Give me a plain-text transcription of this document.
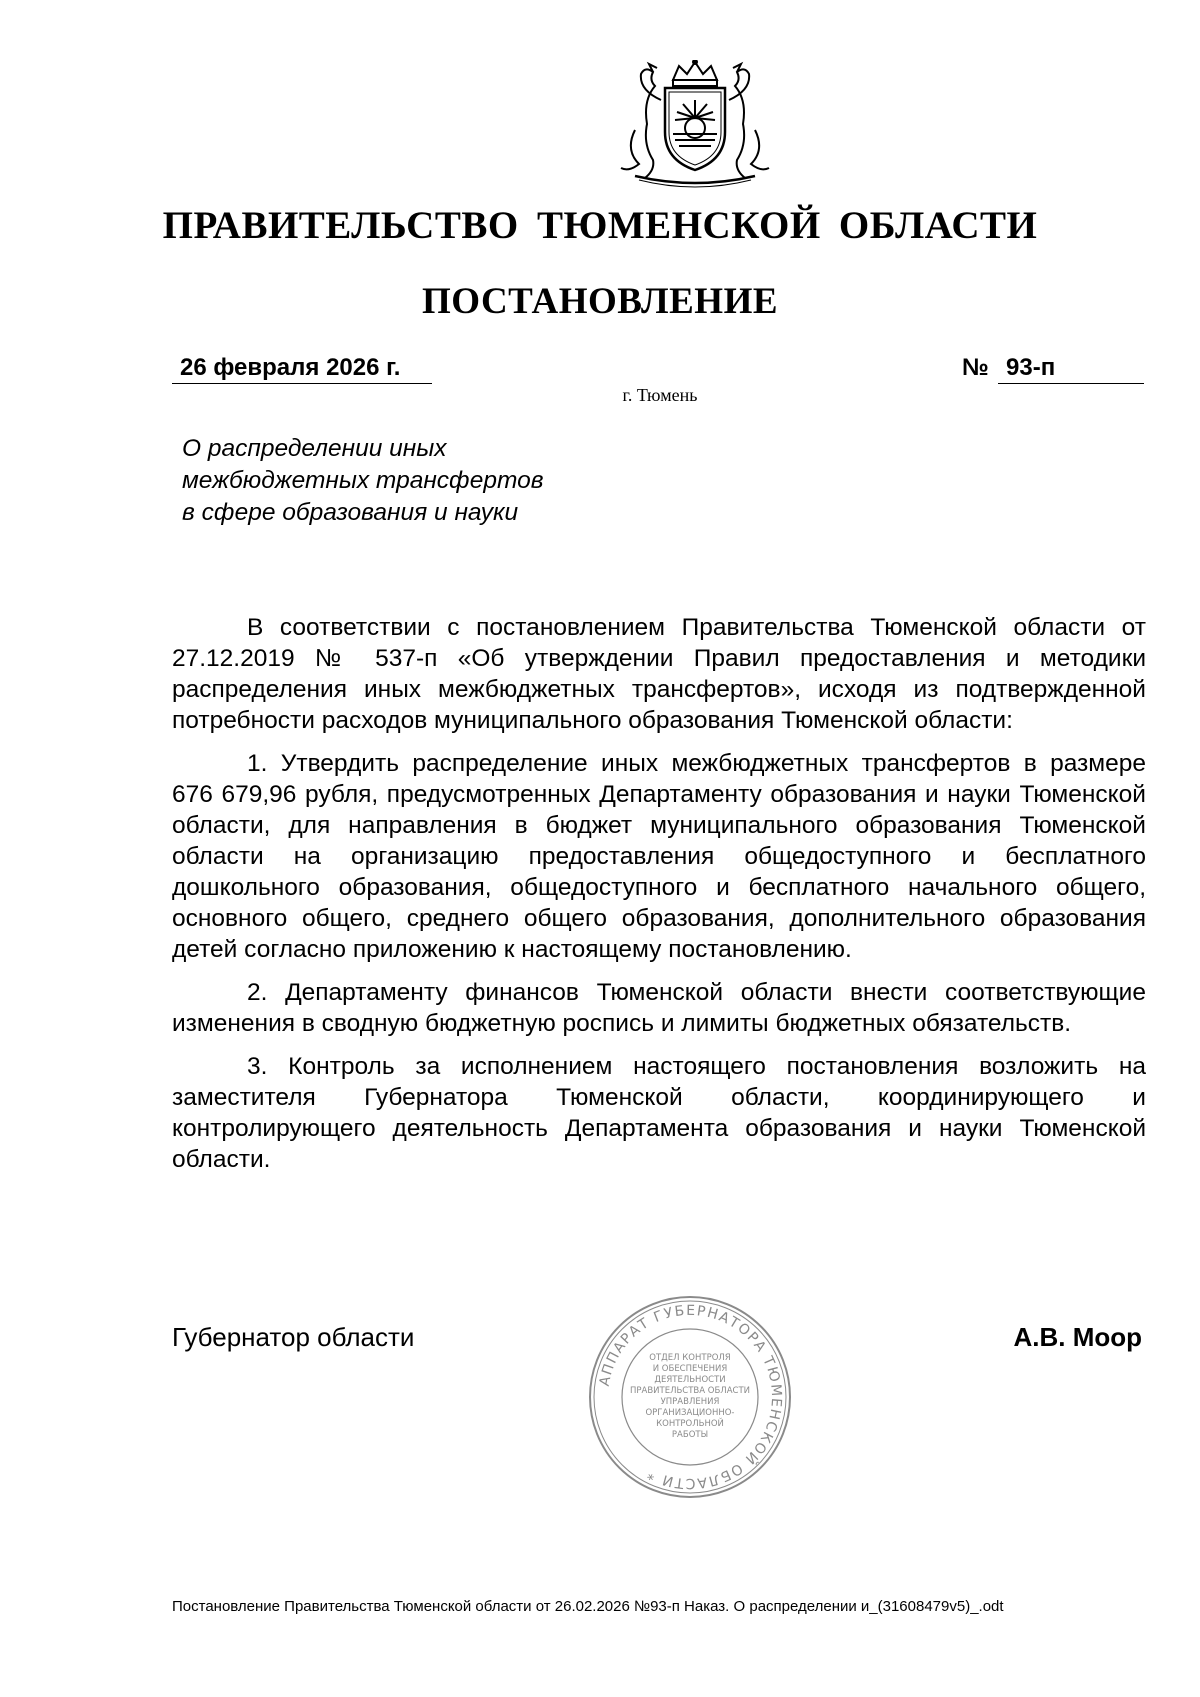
ПРАВИТЕЛЬСТВО ТЮМЕНСКОЙ ОБЛАСТИ
ПОСТАНОВЛЕНИЕ
26 февраля 2026 г.	№ 93-п
г. Тюмень
О распределении иных
межбюджетных трансфертов
в сфере образования и науки

В соответствии с постановлением Правительства Тюменской области от 27.12.2019 № 537-п «Об утверждении Правил предоставления и методики распределения иных межбюджетных трансфертов», исходя из подтвержденной потребности расходов муниципального образования Тюменской области:

1. Утвердить распределение иных межбюджетных трансфертов в размере 676 679,96 рубля, предусмотренных Департаменту образования и науки Тюменской области, для направления в бюджет муниципального образования Тюменской области на организацию предоставления общедоступного и бесплатного дошкольного образования, общедоступного и бесплатного начального общего, основного общего, среднего общего образования, дополнительного образования детей согласно приложению к настоящему постановлению.

2. Департаменту финансов Тюменской области внести соответствующие изменения в сводную бюджетную роспись и лимиты бюджетных обязательств.

3. Контроль за исполнением настоящего постановления возложить на заместителя Губернатора Тюменской области, координирующего и контролирующего деятельность Департамента образования и науки Тюменской области.

Губернатор области	А.В. Моор
АППАРАТ ГУБЕРНАТОРА ТЮМЕНСКОЙ ОБЛАСТИ *
ОТДЕЛ КОНТРОЛЯ
И ОБЕСПЕЧЕНИЯ
ДЕЯТЕЛЬНОСТИ
ПРАВИТЕЛЬСТВА ОБЛАСТИ
УПРАВЛЕНИЯ
ОРГАНИЗАЦИОННО-
КОНТРОЛЬНОЙ
РАБОТЫ
Постановление Правительства Тюменской области от 26.02.2026 №93-п Наказ. О распределении и_(31608479v5)_.odt
